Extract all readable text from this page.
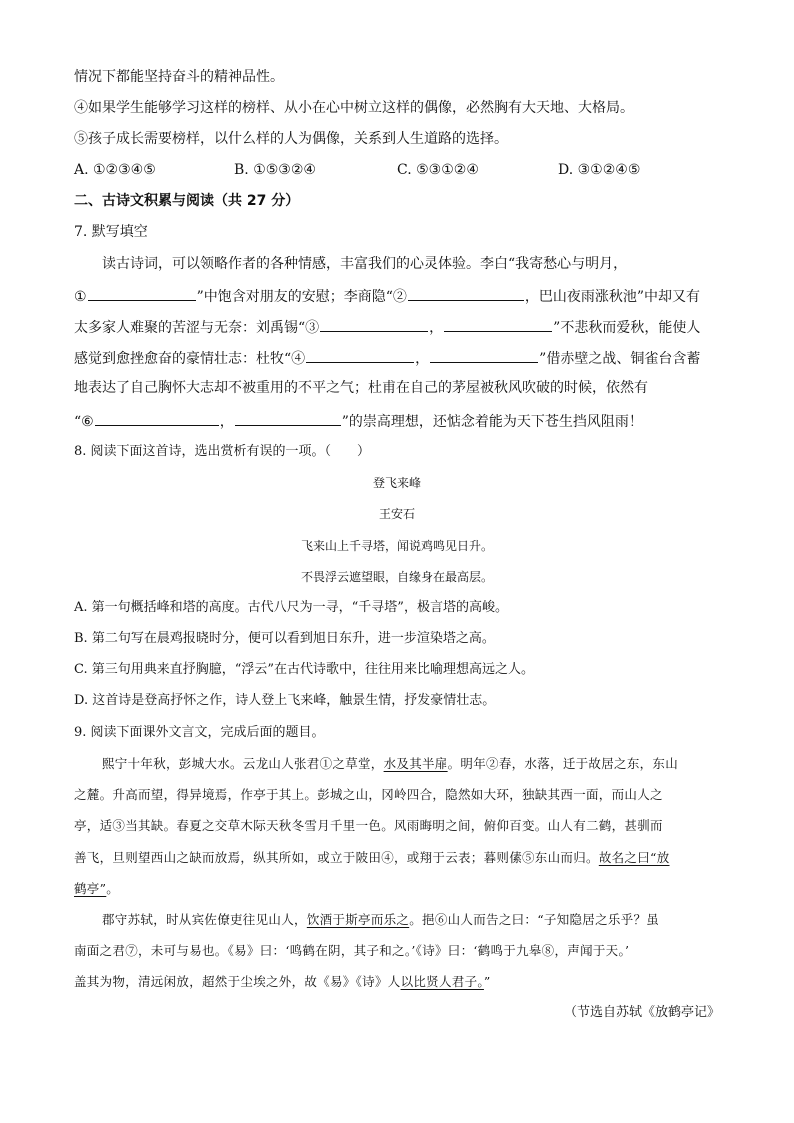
情况下都能坚持奋斗的精神品性。
④如果学生能够学习这样的榜样、从小在心中树立这样的偶像，必然胸有大天地、大格局。
⑤孩子成长需要榜样，以什么样的人为偶像，关系到人生道路的选择。
A. ①②③④⑤	B. ①⑤③②④	C. ⑤③①②④	D. ③①②④⑤
二、古诗文积累与阅读（共 27 分）
7. 默写填空
读古诗词，可以领略作者的各种情感，丰富我们的心灵体验。李白“我寄愁心与明月，
①	”中饱含对朋友的安慰；李商隐“②	，巴山夜雨涨秋池”中却又有
太多家人难聚的苦涩与无奈：刘禹锡“③	，	”不悲秋而爱秋，能使人
感觉到愈挫愈奋的豪情壮志：杜牧“④	，	”借赤壁之战、铜雀台含蓄
地表达了自己胸怀大志却不被重用的不平之气；杜甫在自己的茅屋被秋风吹破的时候，依然有
“⑥	，	”的崇高理想，还惦念着能为天下苍生挡风阻雨！
8. 阅读下面这首诗，选出赏析有误的一项。（　　）
登飞来峰
王安石
飞来山上千寻塔，闻说鸡鸣见日升。
不畏浮云遮望眼，自缘身在最高层。
A. 第一句概括峰和塔的高度。古代八尺为一寻，“千寻塔”，极言塔的高峻。
B. 第二句写在晨鸡报晓时分，便可以看到旭日东升，进一步渲染塔之高。
C. 第三句用典来直抒胸臆，“浮云”在古代诗歌中，往往用来比喻理想高远之人。
D. 这首诗是登高抒怀之作，诗人登上飞来峰，触景生情，抒发豪情壮志。
9. 阅读下面课外文言文，完成后面的题目。
熙宁十年秋，彭城大水。云龙山人张君①之草堂，水及其半扉。明年②春，水落，迁于故居之东，东山
之麓。升高而望，得异境焉，作亭于其上。彭城之山，冈岭四合，隐然如大环，独缺其西一面，而山人之
亭，适③当其缺。春夏之交草木际天秋冬雪月千里一色。风雨晦明之间，俯仰百变。山人有二鹤，甚驯而
善飞，旦则望西山之缺而放焉，纵其所如，或立于陂田④，或翔于云表；暮则傃⑤东山而归。故名之曰“放
鹤亭”。
郡守苏轼，时从宾佐僚吏往见山人，饮酒于斯亭而乐之。挹⑥山人而告之曰：“子知隐居之乐乎？虽
南面之君⑦，未可与易也。《易》曰：‘鸣鹤在阴，其子和之。’《诗》曰：‘鹤鸣于九皋⑧，声闻于天。’
盖其为物，清远闲放，超然于尘埃之外，故《易》《诗》人以比贤人君子。”
（节选自苏轼《放鹤亭记》
